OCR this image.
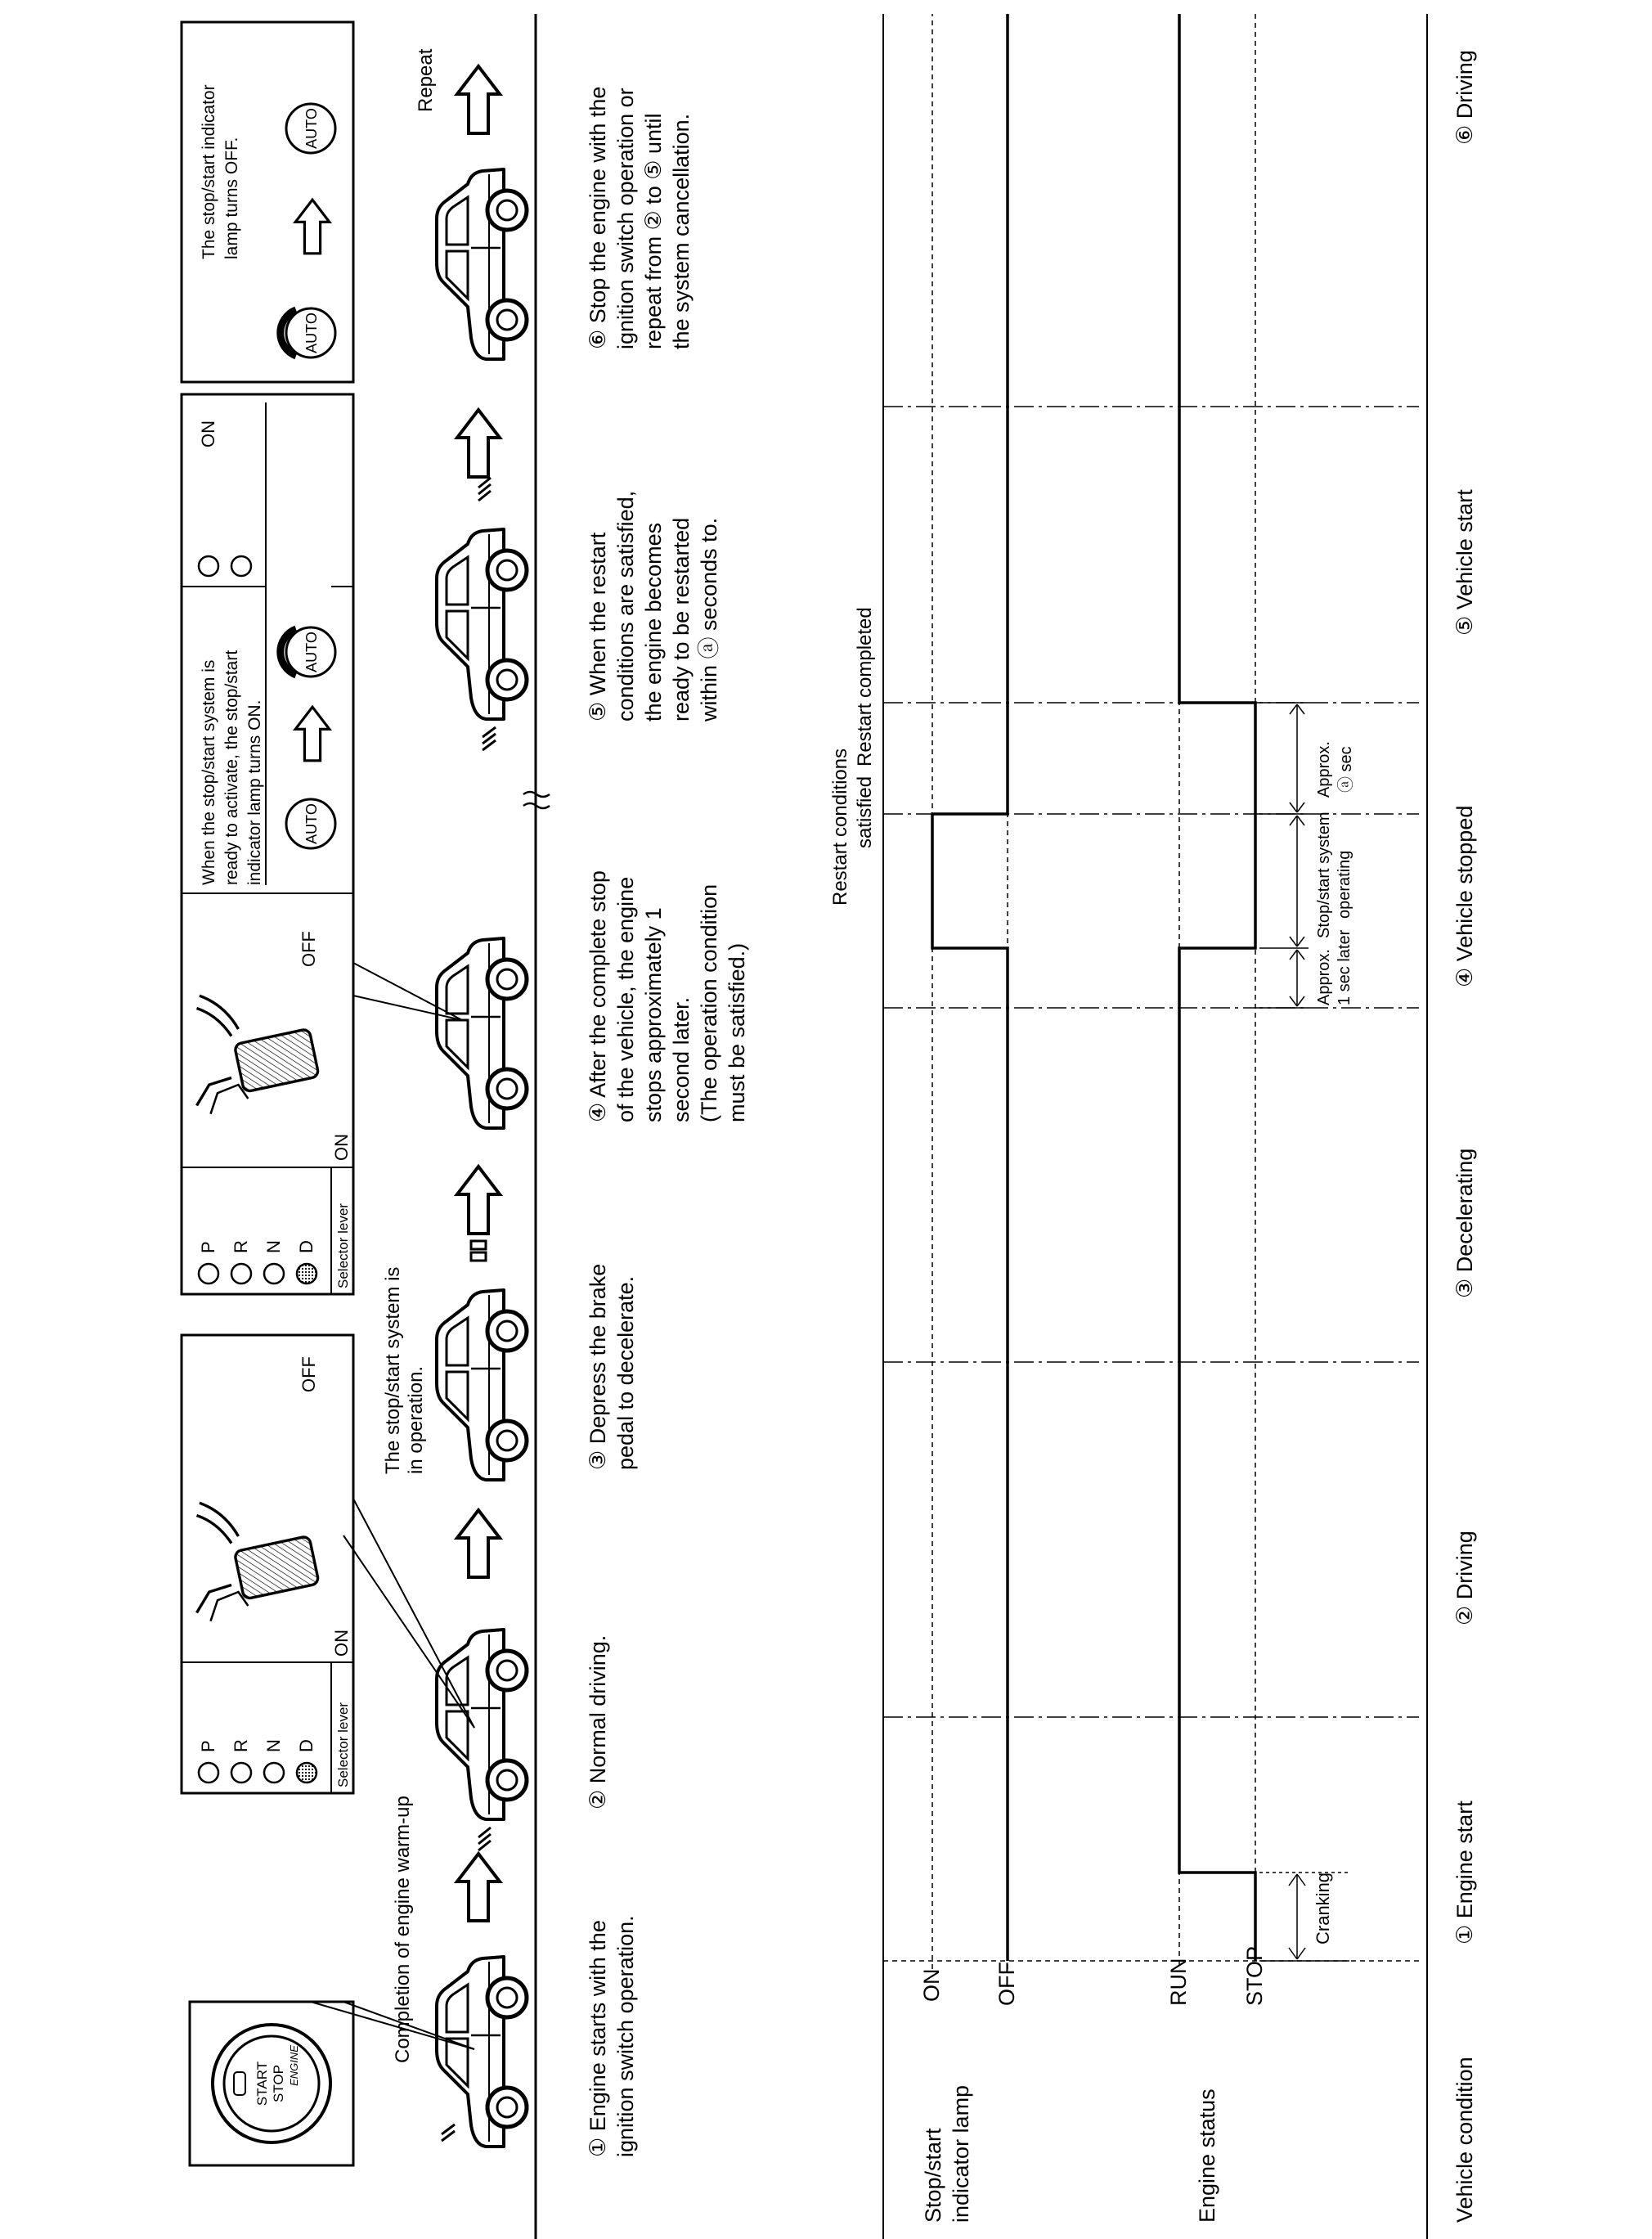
START STOP ENGINE
Completion of engine warm-up
P R N D Selector lever
ON
OFF	The stop/start system is in operation.
P R N D Selector lever
ON
OFF
When the stop/start system is ready to activate, the stop/start indicator lamp turns ON.	AUTO
AUTO
ON
The stop/start indicator lamp turns OFF.
AUTO
AUTO
Repeat
① Engine starts with the ignition switch operation.
② Normal driving.
③ Depress the brake pedal to decelerate.
④ After the complete stop of the vehicle, the engine stops approximately 1 second later. (The operation condition must be satisfied.)
⑤ When the restart conditions are satisfied, the engine becomes ready to be restarted within ⓐ seconds to.
⑥ Stop the engine with the ignition switch operation or repeat from ② to ⑤ until the system cancellation.
Stop/start indicator lamp	Engine status	Vehicle condition
ON OFF	RUN STOP
Cranking
Approx. 1 sec later
Stop/start system operating
Approx. ⓐ sec
Restart conditions satisfied
Restart completed
① Engine start
② Driving
③ Decelerating
④ Vehicle stopped
⑤ Vehicle start
⑥ Driving
